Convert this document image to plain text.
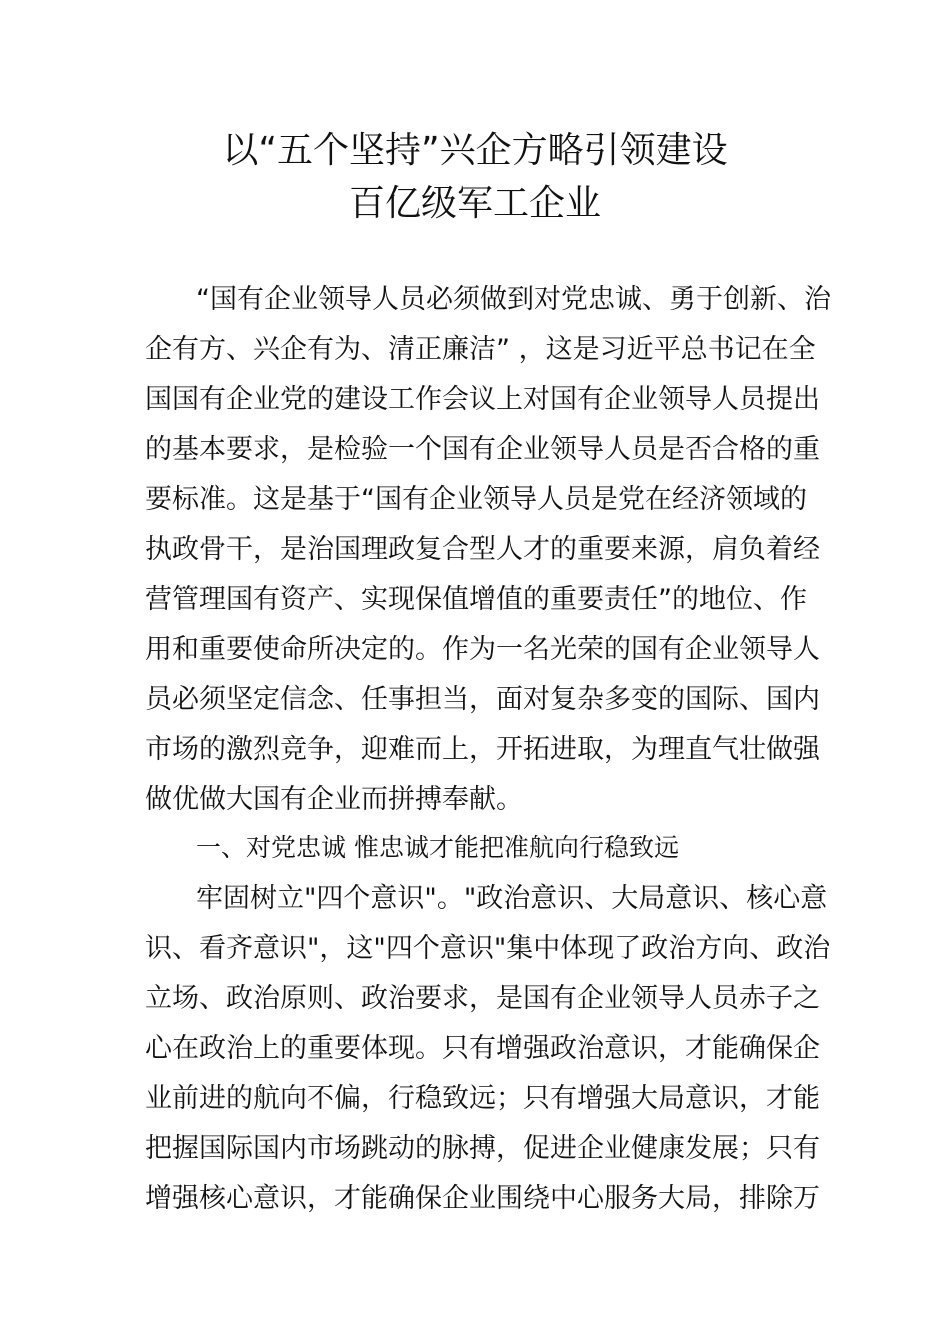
以“五个坚持”兴企方略引领建设
百亿级军工企业

“国有企业领导人员必须做到对党忠诚、勇于创新、治

企有方、兴企有为、清正廉洁” ，这是习近平总书记在全

国国有企业党的建设工作会议上对国有企业领导人员提出

的基本要求，是检验一个国有企业领导人员是否合格的重

要标准。这是基于“国有企业领导人员是党在经济领域的

执政骨干，是治国理政复合型人才的重要来源，肩负着经

营管理国有资产、实现保值增值的重要责任”的地位、作

用和重要使命所决定的。作为一名光荣的国有企业领导人

员必须坚定信念、任事担当，面对复杂多变的国际、国内

市场的激烈竞争，迎难而上，开拓进取，为理直气壮做强

做优做大国有企业而拼搏奉献。

一、对党忠诚 惟忠诚才能把准航向行稳致远

牢固树立"四个意识"。"政治意识、大局意识、核心意

识、看齐意识"，这"四个意识"集中体现了政治方向、政治

立场、政治原则、政治要求，是国有企业领导人员赤子之

心在政治上的重要体现。只有增强政治意识，才能确保企

业前进的航向不偏，行稳致远；只有增强大局意识，才能

把握国际国内市场跳动的脉搏，促进企业健康发展；只有

增强核心意识，才能确保企业围绕中心服务大局，排除万
